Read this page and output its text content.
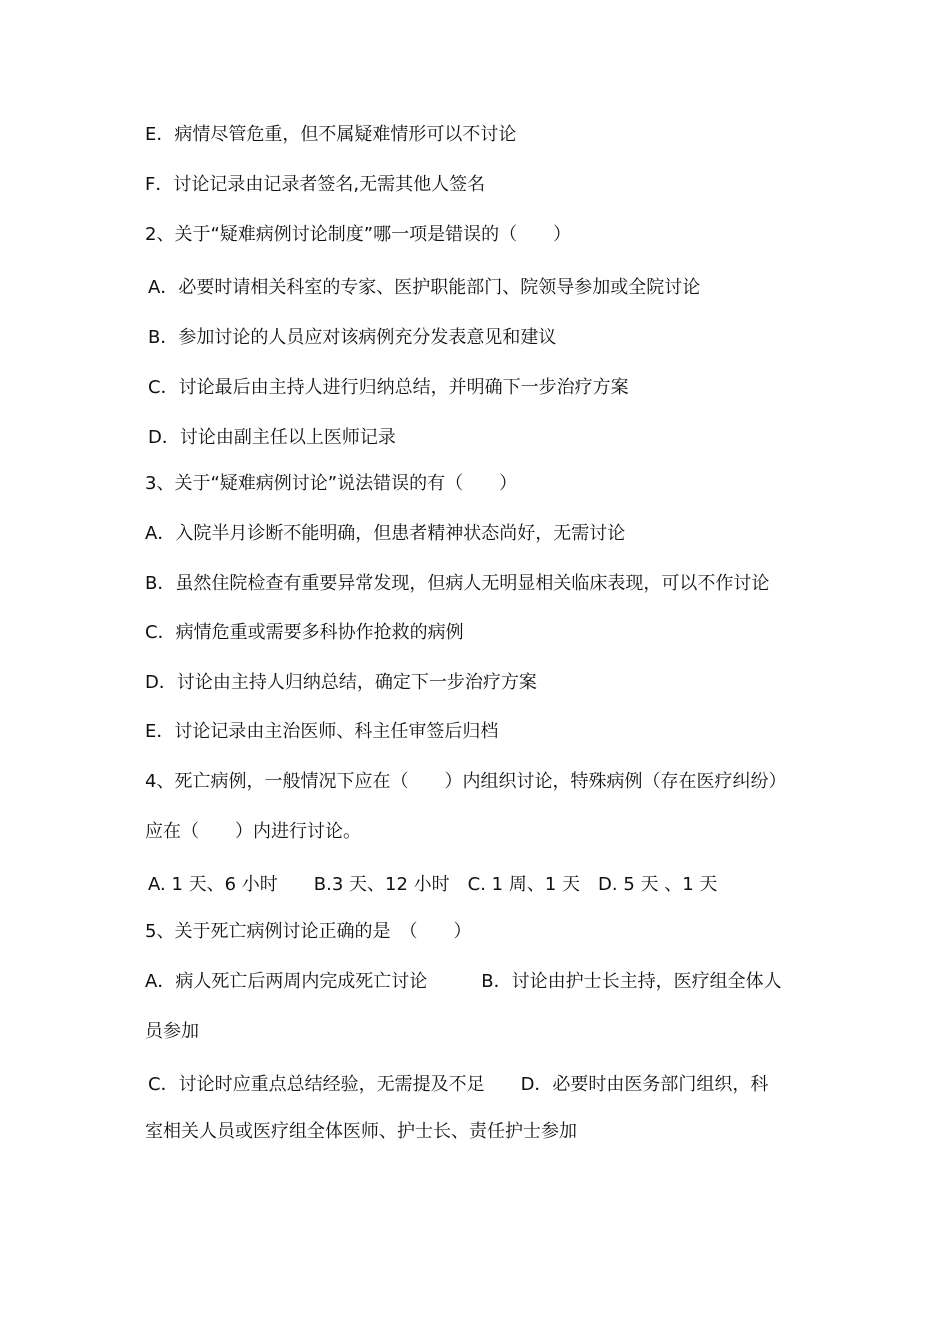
E．病情尽管危重，但不属疑难情形可以不讨论
F．讨论记录由记录者签名,无需其他人签名
2、关于“疑难病例讨论制度”哪一项是错误的（　　）
A．必要时请相关科室的专家、医护职能部门、院领导参加或全院讨论
B．参加讨论的人员应对该病例充分发表意见和建议
C．讨论最后由主持人进行归纳总结，并明确下一步治疗方案
D．讨论由副主任以上医师记录
3、关于“疑难病例讨论”说法错误的有（　　）
A．入院半月诊断不能明确，但患者精神状态尚好，无需讨论
B．虽然住院检查有重要异常发现，但病人无明显相关临床表现，可以不作讨论
C．病情危重或需要多科协作抢救的病例
D．讨论由主持人归纳总结，确定下一步治疗方案
E．讨论记录由主治医师、科主任审签后归档
4、死亡病例，一般情况下应在（　　）内组织讨论，特殊病例（存在医疗纠纷）
应在（　　）内进行讨论。
A. 1 天、6 小时　　B.3 天、12 小时　C. 1 周、1 天　D. 5 天 、1 天
5、关于死亡病例讨论正确的是　（　　）
A．病人死亡后两周内完成死亡讨论　　　B．讨论由护士长主持，医疗组全体人
员参加
C．讨论时应重点总结经验，无需提及不足　　D．必要时由医务部门组织，科
室相关人员或医疗组全体医师、护士长、责任护士参加
